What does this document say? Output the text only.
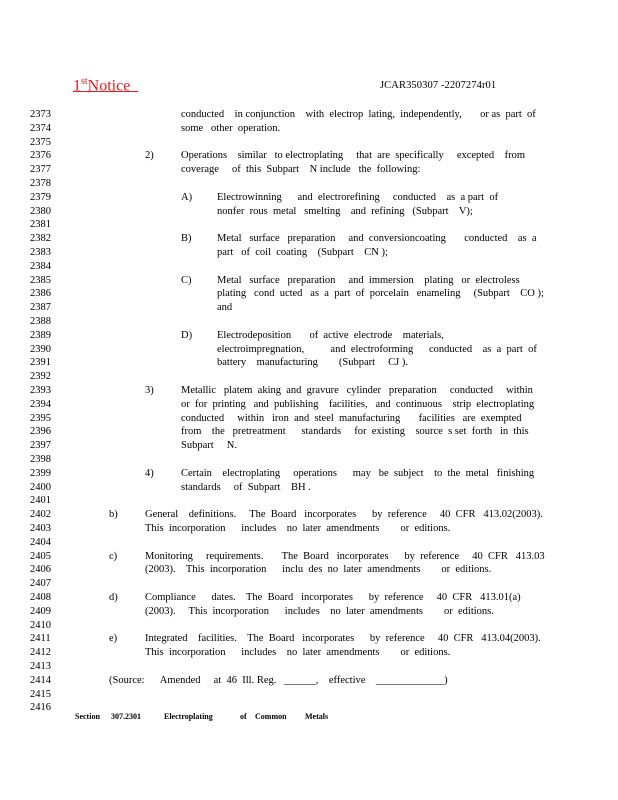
1stNotice	JCAR350307 -2207274r01
2373
2374
2375
2376
2377
2378
2379
2380
2381
2382
2383
2384
2385
2386
2387
2388
2389
2390
2391
2392
2393
2394
2395
2396
2397
2398
2399
2400
2401
2402
2403
2404
2405
2406
2407
2408
2409
2410
2411
2412
2413
2414
2415
2416
conducted    in conjunction    with  electrop  lating,  independently,       or as  part  of
some   other  operation.
2)	Operations    similar   to electroplating     that  are  specifically     excepted    from
coverage     of  this  Subpart    N include   the  following:
A) Electrowinning      and  electrorefining     conducted    as  a part  of
nonfer  rous  metal   smelting    and  refining   (Subpart    V);
B) Metal   surface   preparation     and  conversioncoating       conducted    as  a
part   of  coil  coating    (Subpart    CN );
C) Metal   surface   preparation     and  immersion    plating   or  electroless
plating   cond  ucted   as  a  part  of  porcelain   enameling     (Subpart    CO );
and
D) Electrodeposition       of  active  electrode    materials,
electroimpregnation,          and  electroforming      conducted    as  a  part  of
battery    manufacturing        (Subpart     CJ ).
3)	Metallic   platem  aking  and  gravure   cylinder   preparation     conducted     within
or  for  printing   and  publishing    facilities,   and  continuous    strip  electroplating
conducted     within   iron  and  steel  manufacturing       facilities   are  exempted
from    the   pretreatment      standards     for  existing    source  s set  forth   in  this
Subpart     N.
4)	Certain    electroplating     operations      may   be  subject    to  the  metal   finishing
standards     of  Subpart    BH .
b)	General    definitions.     The  Board   incorporates      by  reference     40  CFR   413.02(2003).
This  incorporation      includes    no  later  amendments        or  editions.
c)	Monitoring     requirements.       The  Board   incorporates      by  reference     40  CFR   413.03
(2003).    This  incorporation      inclu  des  no  later  amendments        or  editions.
d)	Compliance      dates.    The  Board   incorporates      by  reference     40  CFR   413.01(a)
(2003).     This  incorporation      includes    no  later  amendments        or  editions.
e)	Integrated    facilities.    The  Board   incorporates      by  reference     40  CFR   413.04(2003).
This  incorporation      includes    no  later  amendments        or  editions.
(Source:      Amended     at  46  Ill. Reg.   ______,    effective    _____________)
Section 307.2301	Electroplating	of Common Metals
